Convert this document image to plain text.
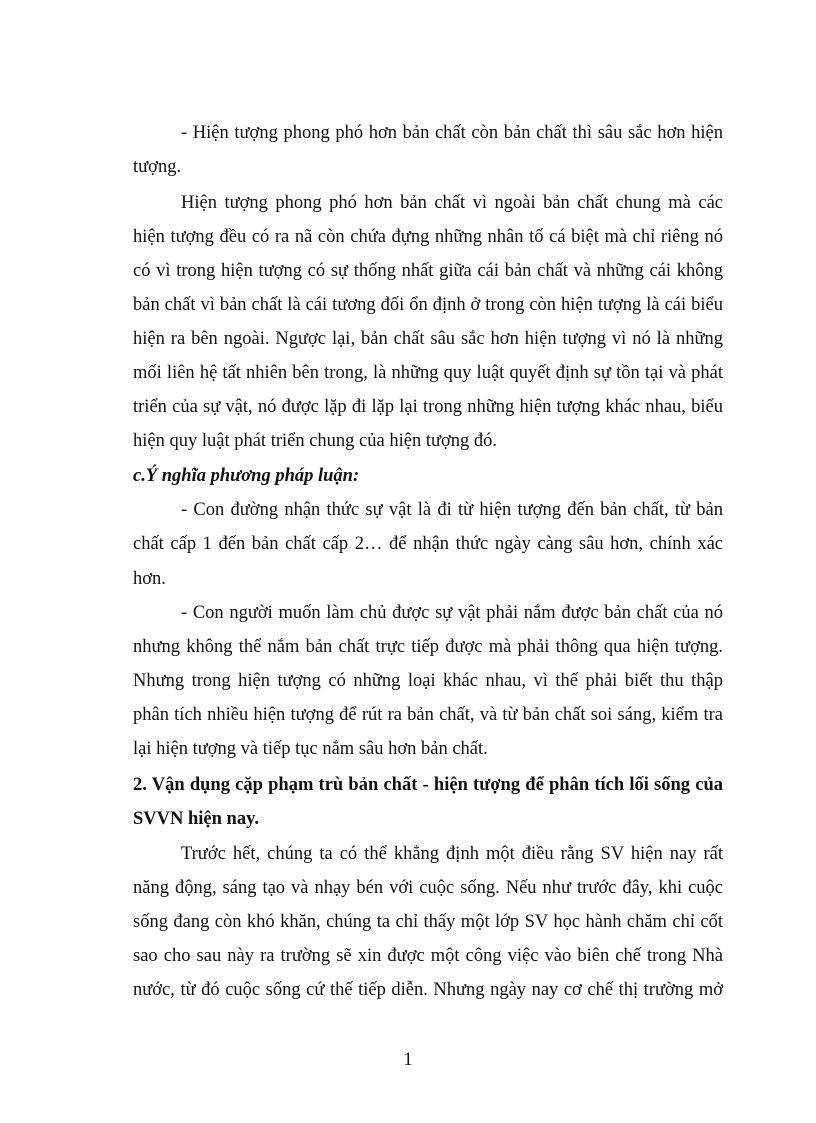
- Hiện tượng phong phó hơn bản chất còn bản chất thì sâu sắc hơn hiện
tượng.
Hiện tượng phong phó hơn bản chất vì ngoài bản chất chung mà các
hiện tượng đều có ra nã còn chứa đựng những nhân tố cá biệt mà chỉ riêng nó
có vì trong hiện tượng có sự thống nhất giữa cái bản chất và những cái không
bản chất vì bản chất là cái tương đối ổn định ở trong còn hiện tượng là cái biểu
hiện ra bên ngoài. Ngược lại, bản chất sâu sắc hơn hiện tượng vì nó là những
mối liên hệ tất nhiên bên trong, là những quy luật quyết định sự tồn tại và phát
triển của sự vật, nó được lặp đi lặp lại trong những hiện tượng khác nhau, biểu
hiện quy luật phát triển chung của hiện tượng đó.
c.Ý nghĩa phương pháp luận:
- Con đường nhận thức sự vật là đi từ hiện tượng đến bản chất, từ bản
chất cấp 1 đến bản chất cấp 2… để nhận thức ngày càng sâu hơn, chính xác
hơn.
- Con người muốn làm chủ được sự vật phải nắm được bản chất của nó
nhưng không thể nắm bản chất trực tiếp được mà phải thông qua hiện tượng.
Nhưng trong hiện tượng có những loại khác nhau, vì thế phải biết thu thập
phân tích nhiều hiện tượng để rút ra bản chất, và từ bản chất soi sáng, kiểm tra
lại hiện tượng và tiếp tục nắm sâu hơn bản chất.
2. Vận dụng cặp phạm trù bản chất - hiện tượng để phân tích lối sống của
SVVN hiện nay.
Trước hết, chúng ta có thể khẳng định một điều rằng SV hiện nay rất
năng động, sáng tạo và nhạy bén với cuộc sống. Nếu như trước đây, khi cuộc
sống đang còn khó khăn, chúng ta chỉ thấy một lớp SV học hành chăm chỉ cốt
sao cho sau này ra trường sẽ xin được một công việc vào biên chế trong Nhà
nước, từ đó cuộc sống cứ thế tiếp diễn. Nhưng ngày nay cơ chế thị trường mở
1
